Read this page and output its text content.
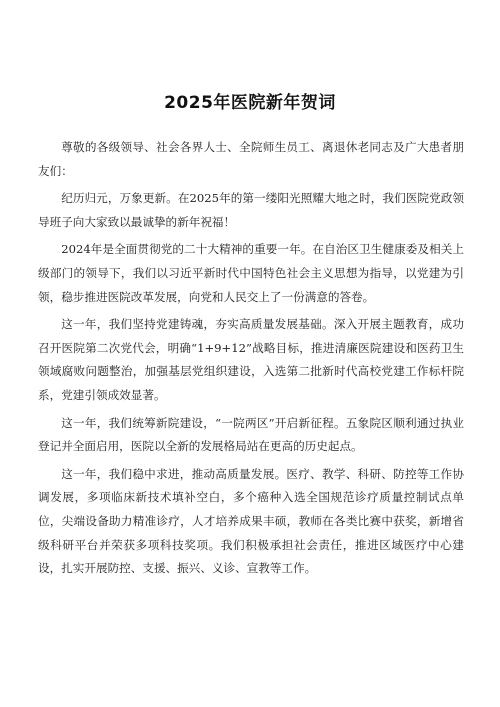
2025年医院新年贺词

尊敬的各级领导、社会各界人士、全院师生员工、离退休老同志及广大患者朋友们：

纪历归元，万象更新。在2025年的第一缕阳光照耀大地之时，我们医院党政领导班子向大家致以最诚挚的新年祝福！

2024年是全面贯彻党的二十大精神的重要一年。在自治区卫生健康委及相关上级部门的领导下，我们以习近平新时代中国特色社会主义思想为指导，以党建为引领，稳步推进医院改革发展，向党和人民交上了一份满意的答卷。

这一年，我们坚持党建铸魂，夯实高质量发展基础。深入开展主题教育，成功召开医院第二次党代会，明确“1+9+12”战略目标，推进清廉医院建设和医药卫生领域腐败问题整治，加强基层党组织建设，入选第二批新时代高校党建工作标杆院系，党建引领成效显著。

这一年，我们统筹新院建设，“一院两区”开启新征程。五象院区顺利通过执业登记并全面启用，医院以全新的发展格局站在更高的历史起点。

这一年，我们稳中求进，推动高质量发展。医疗、教学、科研、防控等工作协调发展，多项临床新技术填补空白，多个癌种入选全国规范诊疗质量控制试点单位，尖端设备助力精准诊疗，人才培养成果丰硕，教师在各类比赛中获奖，新增省级科研平台并荣获多项科技奖项。我们积极承担社会责任，推进区域医疗中心建设，扎实开展防控、支援、振兴、义诊、宣教等工作。
